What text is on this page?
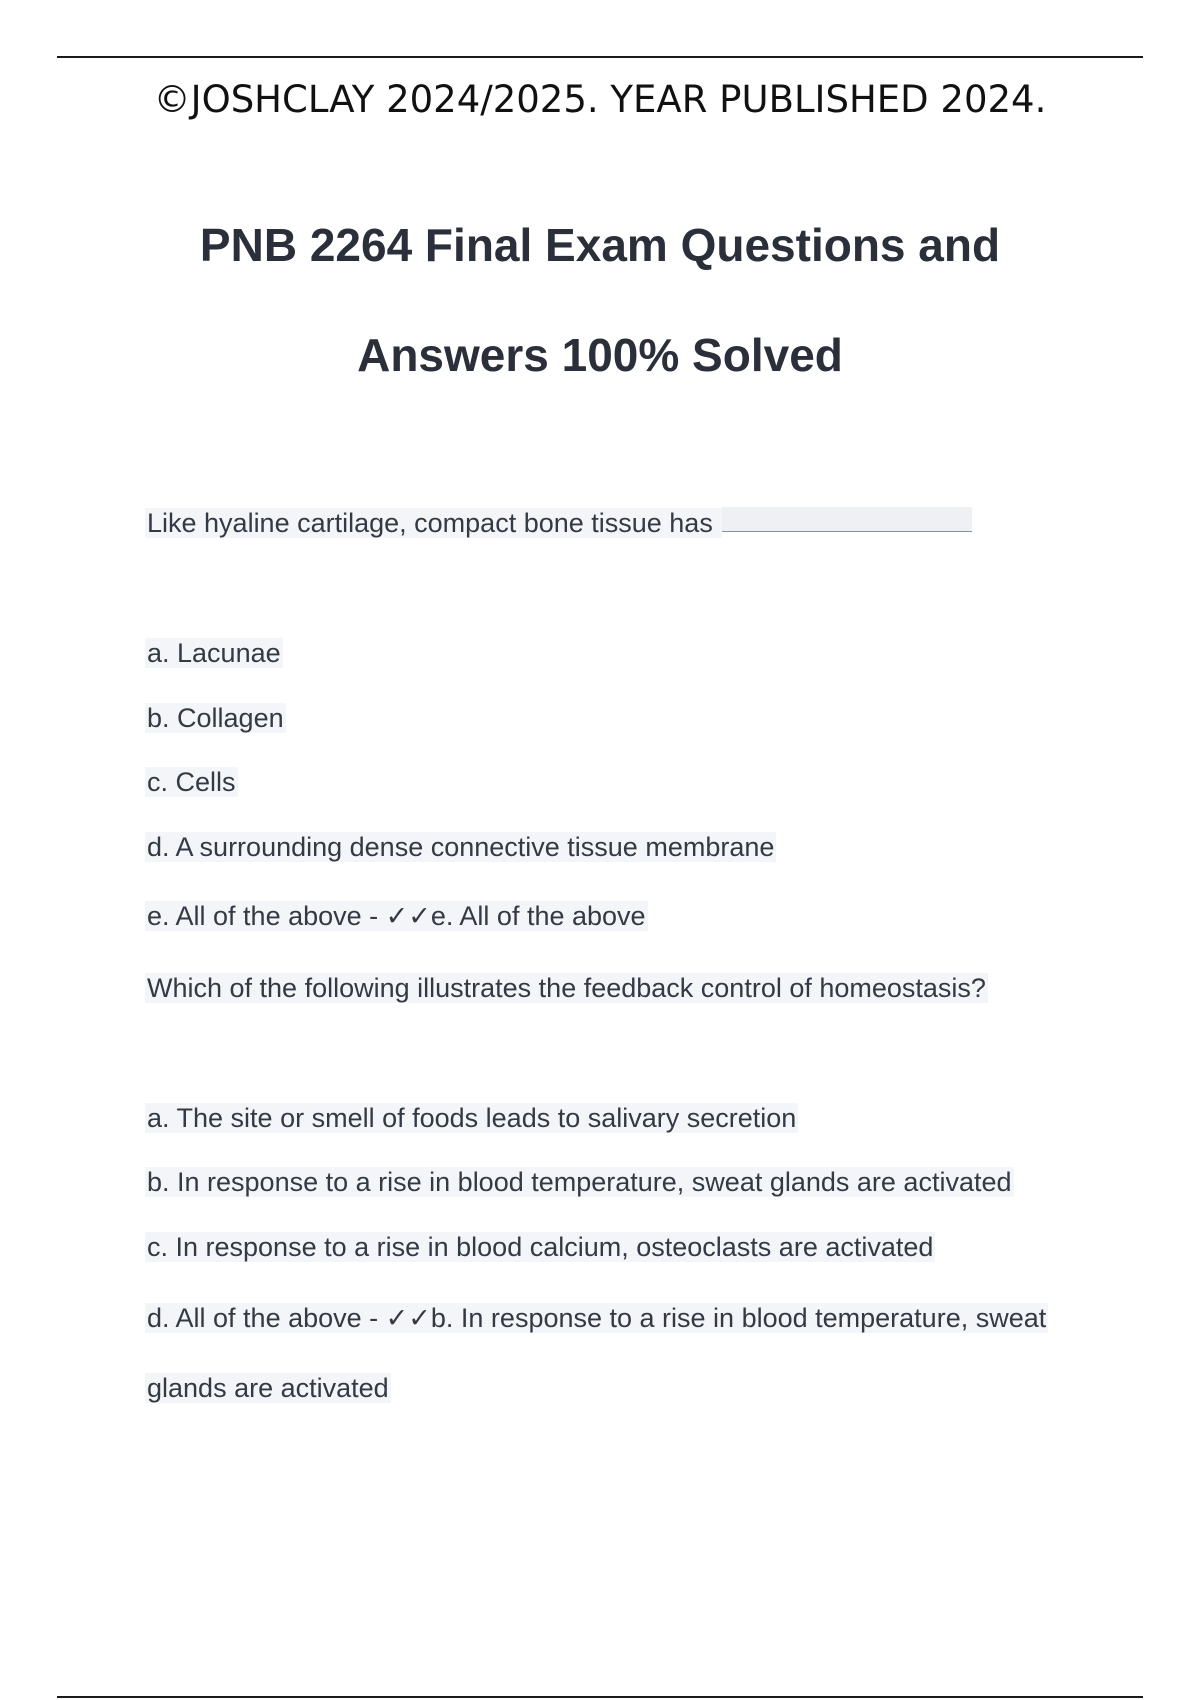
©JOSHCLAY 2024/2025. YEAR PUBLISHED 2024.
PNB 2264 Final Exam Questions and
Answers 100% Solved
Like hyaline cartilage, compact bone tissue has
a. Lacunae
b. Collagen
c. Cells
d. A surrounding dense connective tissue membrane
e. All of the above - ✓✓e. All of the above
Which of the following illustrates the feedback control of homeostasis?
a. The site or smell of foods leads to salivary secretion
b. In response to a rise in blood temperature, sweat glands are activated
c. In response to a rise in blood calcium, osteoclasts are activated
d. All of the above - ✓✓b. In response to a rise in blood temperature, sweat
glands are activated
